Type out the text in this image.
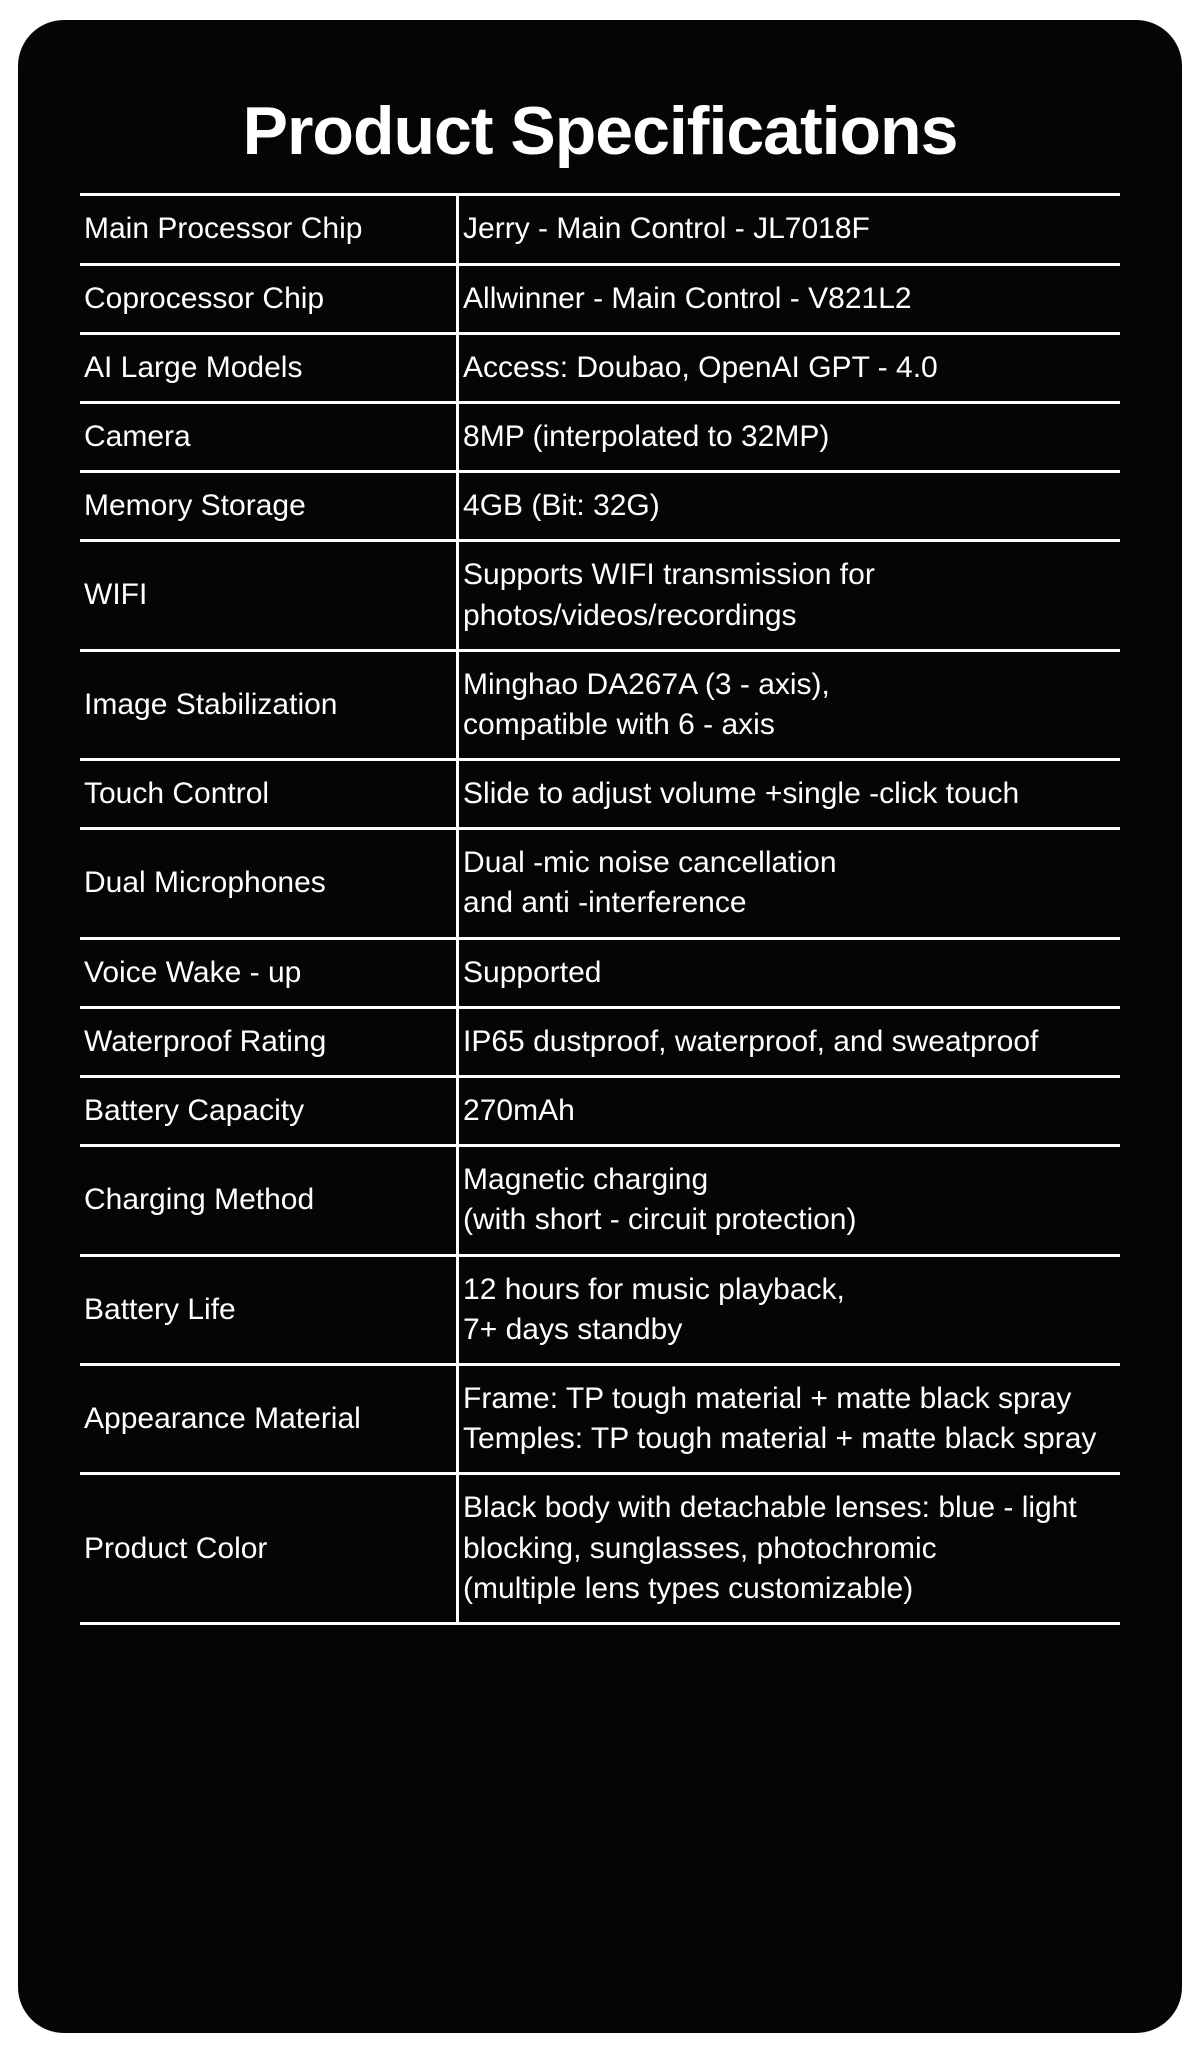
Product Specifications
Main Processor Chip	Jerry - Main Control - JL7018F

Coprocessor Chip	Allwinner - Main Control - V821L2

AI Large Models	Access: Doubao, OpenAI GPT - 4.0

Camera	8MP (interpolated to 32MP)

Memory Storage	4GB (Bit: 32G)

WIFI	Supports WIFI transmission for
photos/videos/recordings

Image Stabilization	Minghao DA267A (3 - axis),
compatible with 6 - axis

Touch Control	Slide to adjust volume +single -click touch

Dual Microphones	Dual -mic noise cancellation
and anti -interference

Voice Wake - up	Supported

Waterproof Rating	IP65 dustproof, waterproof, and sweatproof

Battery Capacity	270mAh

Charging Method	Magnetic charging
(with short - circuit protection)

Battery Life	12 hours for music playback,
7+ days standby

Appearance Material	Frame: TP tough material + matte black spray
Temples: TP tough material + matte black spray

Product Color	Black body with detachable lenses: blue - light
blocking, sunglasses, photochromic
(multiple lens types customizable)
